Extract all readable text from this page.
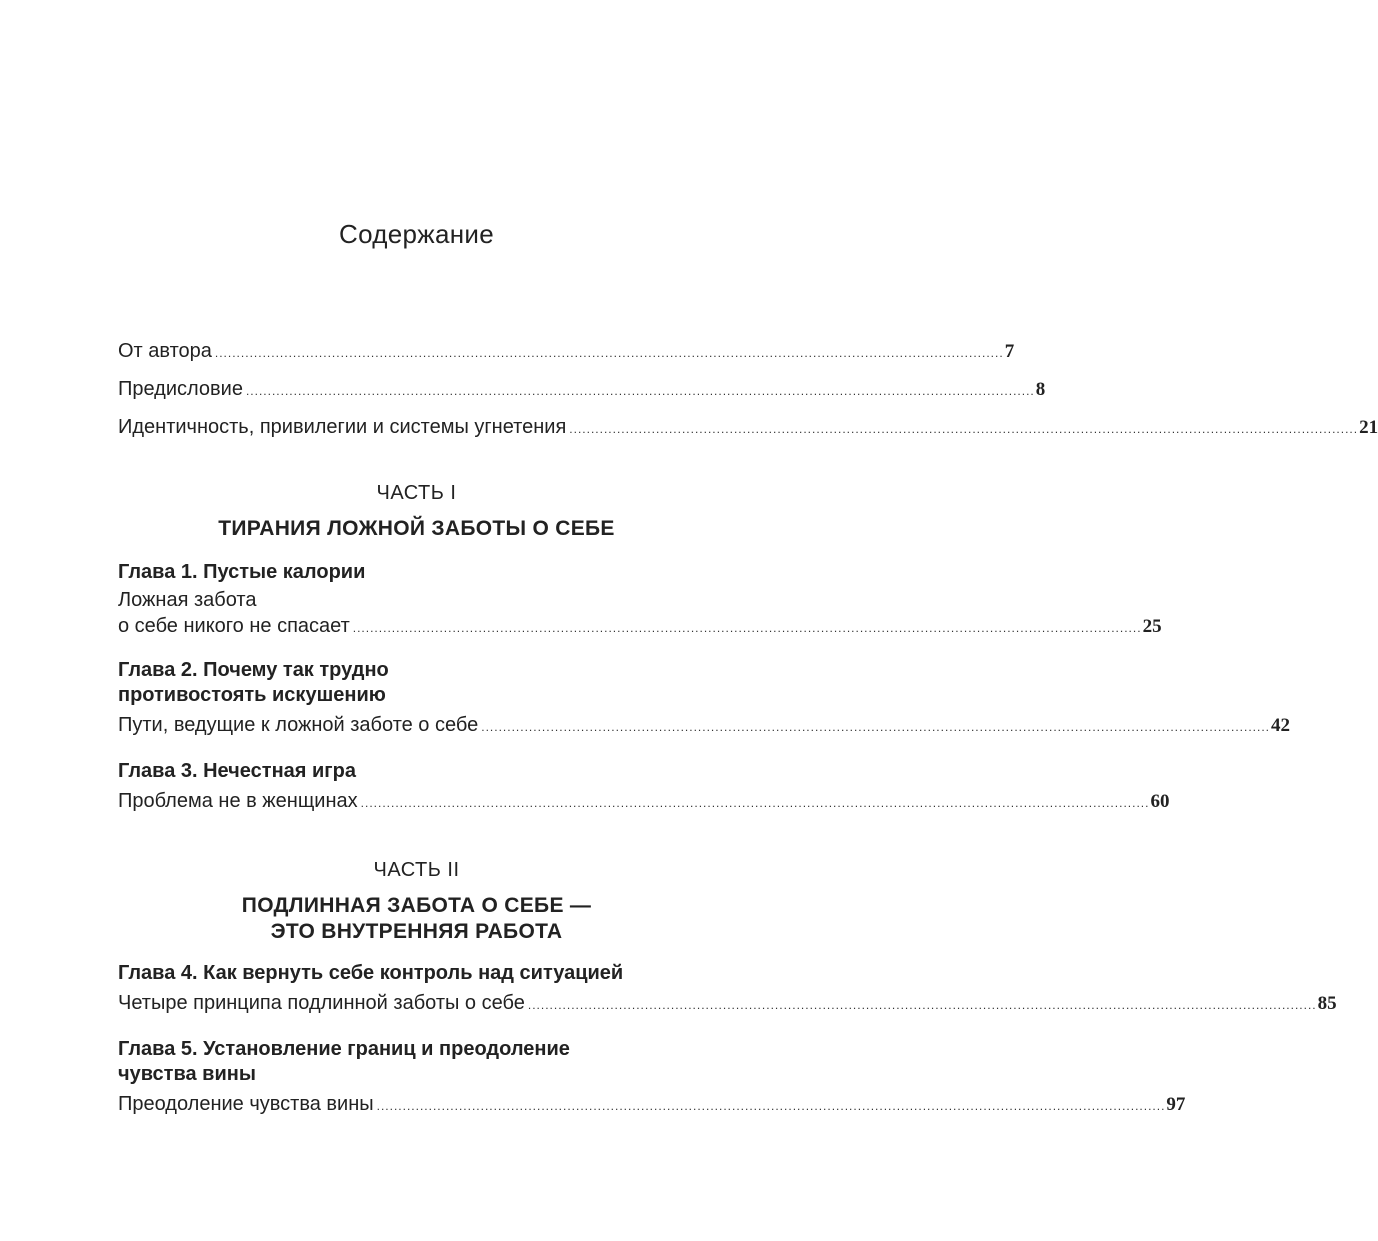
Содержание
От автора ...................................................................................................................................................................................... 7
Предисловие ...................................................................................................................................................................................... 8
Идентичность, привилегии и системы угнетения ...................................................................................................................................................................................... 21
ЧАСТЬ I
ТИРАНИЯ ЛОЖНОЙ ЗАБОТЫ О СЕБЕ
Глава 1. Пустые калории
Ложная забота
о себе никого не спасает ...................................................................................................................................................................................... 25
Глава 2. Почему так трудно
противостоять искушению
Пути, ведущие к ложной заботе о себе ...................................................................................................................................................................................... 42
Глава 3. Нечестная игра
Проблема не в женщинах ...................................................................................................................................................................................... 60
ЧАСТЬ II
ПОДЛИННАЯ ЗАБОТА О СЕБЕ —
ЭТО ВНУТРЕННЯЯ РАБОТА
Глава 4. Как вернуть себе контроль над ситуацией
Четыре принципа подлинной заботы о себе ...................................................................................................................................................................................... 85
Глава 5. Установление границ и преодоление
чувства вины
Преодоление чувства вины ...................................................................................................................................................................................... 97
